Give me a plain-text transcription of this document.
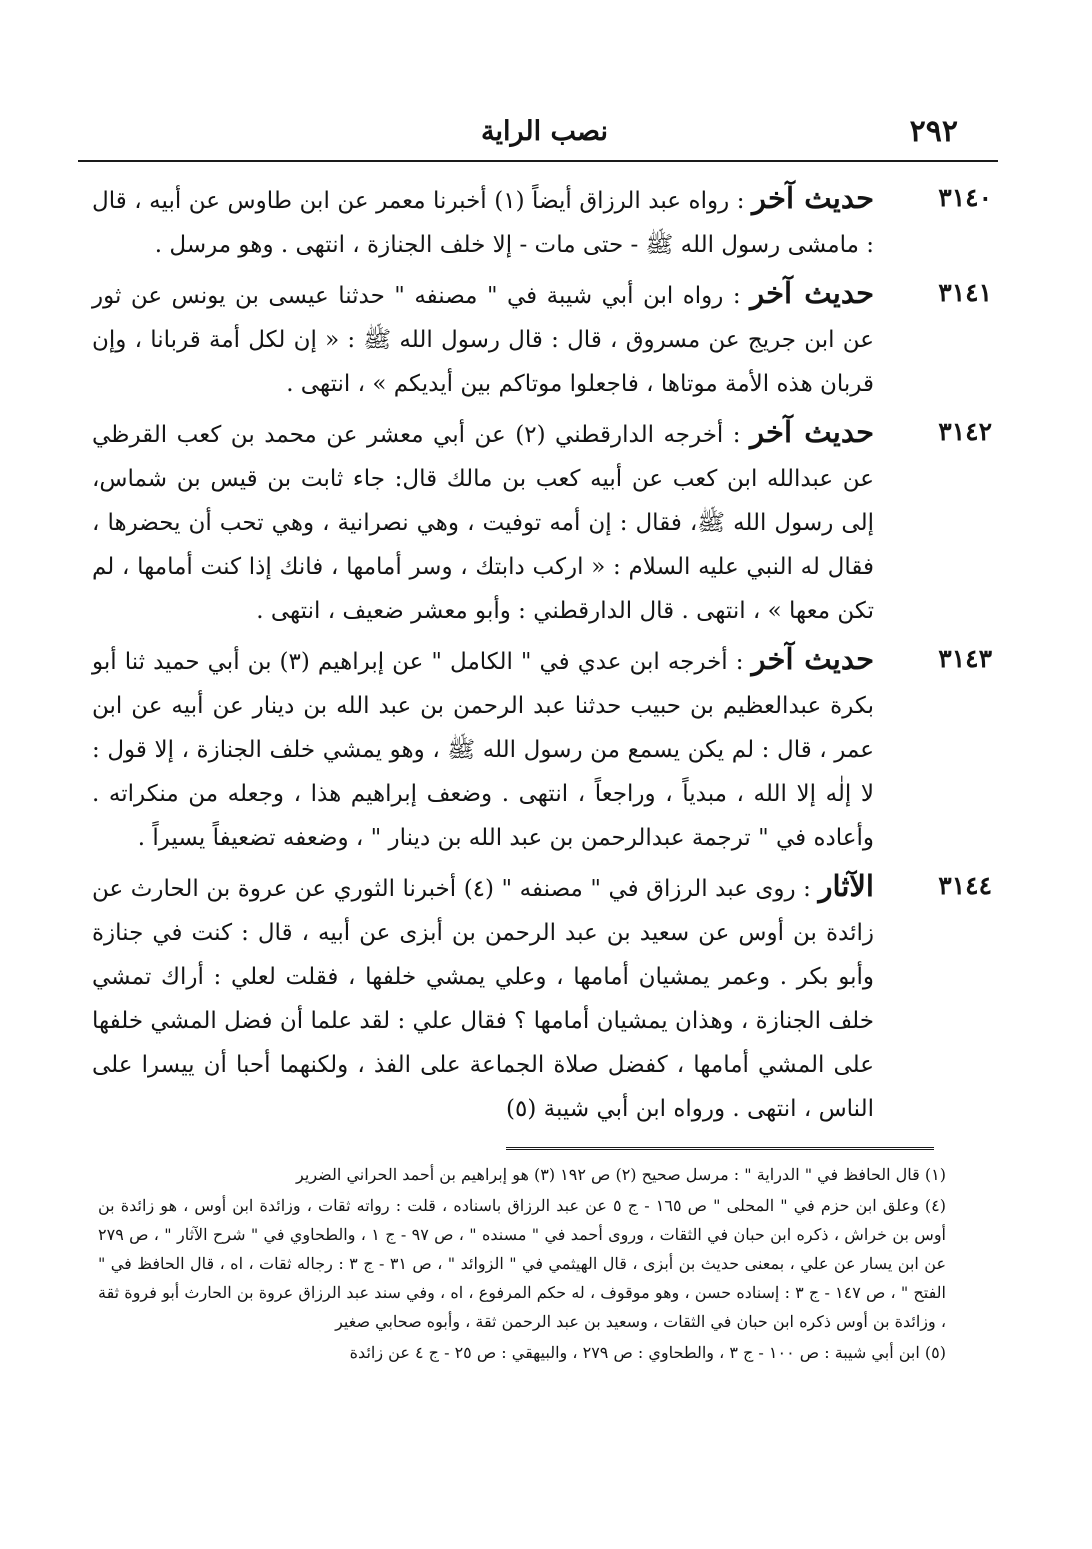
٢٩٢
نصب الراية
٣١٤٠

حديث آخر : رواه عبد الرزاق أيضاً (١) أخبرنا معمر عن ابن طاوس عن أبيه ، قال : مامشى رسول الله ﷺ - حتى مات - إلا خلف الجنازة ، انتهى . وهو مرسل .

٣١٤١

حديث آخر : رواه ابن أبي شيبة في " مصنفه " حدثنا عيسى بن يونس عن ثور عن ابن جريج عن مسروق ، قال : قال رسول الله ﷺ : « إن لكل أمة قربانا ، وإن قربان هذه الأمة موتاها ، فاجعلوا موتاكم بين أيديكم » ، انتهى .

٣١٤٢

حديث آخر : أخرجه الدارقطني (٢) عن أبي معشر عن محمد بن كعب القرظي عن عبدالله ابن كعب عن أبيه كعب بن مالك قال: جاء ثابت بن قيس بن شماس، إلى رسول الله ﷺ، فقال : إن أمه توفيت ، وهي نصرانية ، وهي تحب أن يحضرها ، فقال له النبي عليه السلام : « اركب دابتك ، وسر أمامها ، فانك إذا كنت أمامها ، لم تكن معها » ، انتهى . قال الدارقطني : وأبو معشر ضعيف ، انتهى .

٣١٤٣

حديث آخر : أخرجه ابن عدي في " الكامل " عن إبراهيم (٣) بن أبي حميد ثنا أبو بكرة عبدالعظيم بن حبيب حدثنا عبد الرحمن بن عبد الله بن دينار عن أبيه عن ابن عمر ، قال : لم يكن يسمع من رسول الله ﷺ ، وهو يمشي خلف الجنازة ، إلا قول : لا إلٰه إلا الله ، مبدياً ، وراجعاً ، انتهى . وضعف إبراهيم هذا ، وجعله من منكراته . وأعاده في " ترجمة عبدالرحمن بن عبد الله بن دينار " ، وضعفه تضعيفاً يسيراً .

٣١٤٤

الآثار : روى عبد الرزاق في " مصنفه " (٤) أخبرنا الثوري عن عروة بن الحارث عن زائدة بن أوس عن سعيد بن عبد الرحمن بن أبزى عن أبيه ، قال : كنت في جنازة وأبو بكر . وعمر يمشيان أمامها ، وعلي يمشي خلفها ، فقلت لعلي : أراك تمشي خلف الجنازة ، وهذان يمشيان أمامها ؟ فقال علي : لقد علما أن فضل المشي خلفها على المشي أمامها ، كفضل صلاة الجماعة على الفذ ، ولكنهما أحبا أن ييسرا على الناس ، انتهى . ورواه ابن أبي شيبة (٥)

(١) قال الحافظ في " الدراية " : مرسل صحيح (٢) ص ١٩٢ (٣) هو إبراهيم بن أحمد الحراني الضرير

(٤) وعلق ابن حزم في " المحلى " ص ١٦٥ - ج ٥ عن عبد الرزاق باسناده ، قلت : رواته ثقات ، وزائدة ابن أوس ، هو زائدة بن أوس بن خراش ، ذكره ابن حبان في الثقات ، وروى أحمد في " مسنده " ، ص ٩٧ - ج ١ ، والطحاوي في " شرح الآثار " ، ص ٢٧٩ عن ابن يسار عن علي ، بمعنى حديث بن أبزى ، قال الهيثمي في " الزوائد " ، ص ٣١ - ج ٣ : رجاله ثقات ، اه ، قال الحافظ في " الفتح " ، ص ١٤٧ - ج ٣ : إسناده حسن ، وهو موقوف ، له حكم المرفوع ، اه ، وفي سند عبد الرزاق عروة بن الحارث أبو فروة ثقة ، وزائدة بن أوس ذكره ابن حبان في الثقات ، وسعيد بن عبد الرحمن ثقة ، وأبوه صحابي صغير

(٥) ابن أبي شيبة : ص ١٠٠ - ج ٣ ، والطحاوي : ص ٢٧٩ ، والبيهقي : ص ٢٥ - ج ٤ عن زائدة
